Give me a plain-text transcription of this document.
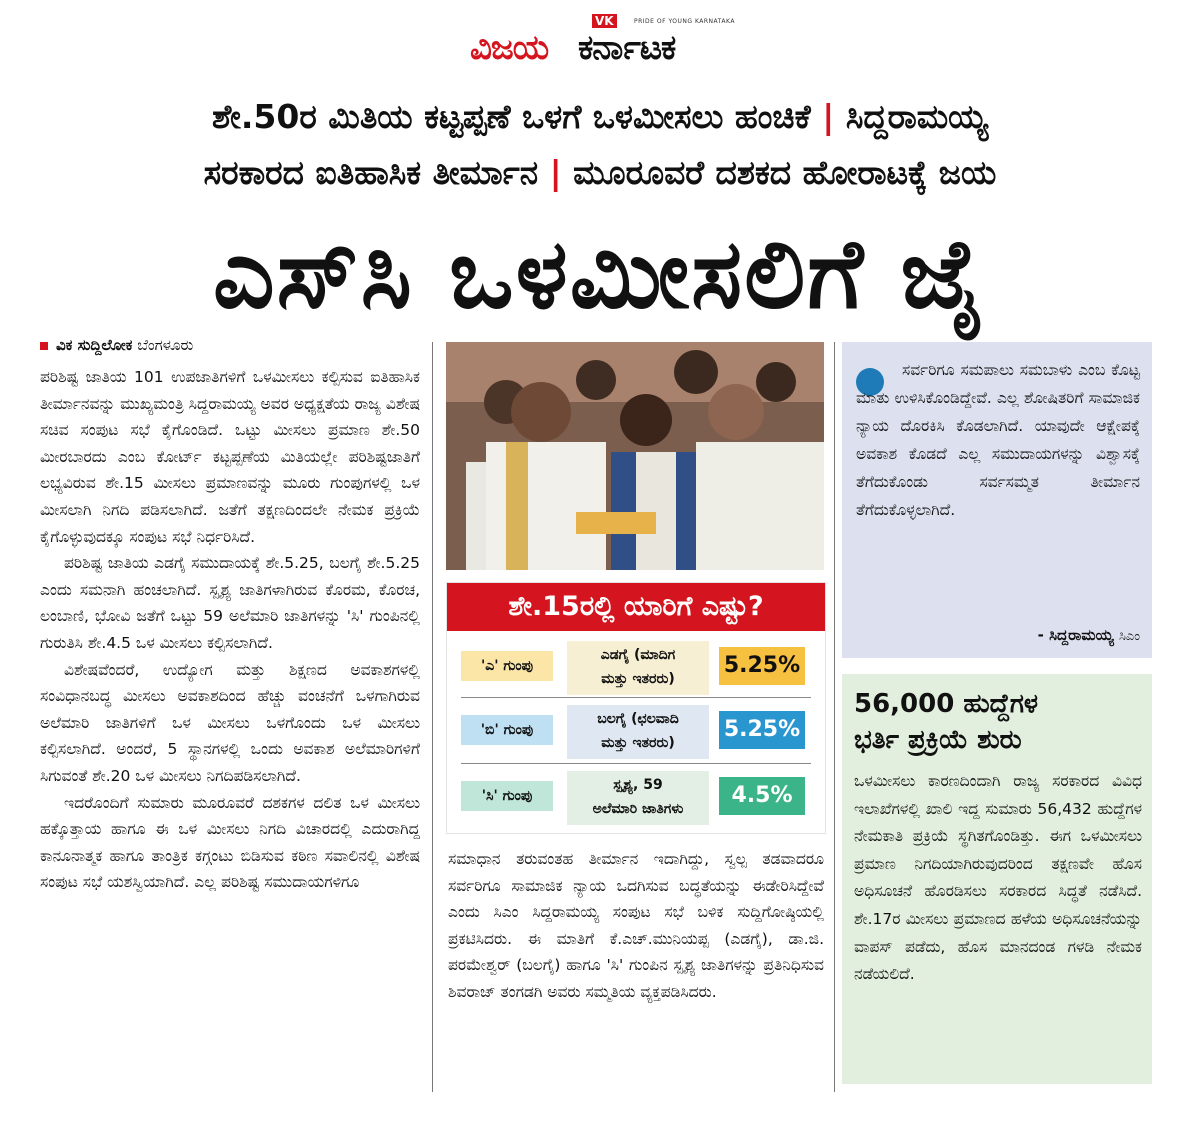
ವಿಜಯ
VK	PRIDE OF YOUNG KARNATAKA
ಕರ್ನಾಟಕ
ಶೇ.50ರ ಮಿತಿಯ ಕಟ್ಟಪ್ಪಣೆ ಒಳಗೆ ಒಳಮೀಸಲು ಹಂಚಿಕೆ | ಸಿದ್ದರಾಮಯ್ಯ
ಸರಕಾರದ ಐತಿಹಾಸಿಕ ತೀರ್ಮಾನ | ಮೂರೂವರೆ ದಶಕದ ಹೋರಾಟಕ್ಕೆ ಜಯ
ಎಸ್‌ಸಿ ಒಳಮೀಸಲಿಗೆ ಜೈ
ವಿಕ ಸುದ್ದಿಲೋಕ ಬೆಂಗಳೂರು

ಪರಿಶಿಷ್ಟ ಜಾತಿಯ 101 ಉಪಜಾತಿಗಳಿಗೆ ಒಳಮೀಸಲು ಕಲ್ಪಿಸುವ ಐತಿಹಾಸಿಕ ತೀರ್ಮಾನವನ್ನು ಮುಖ್ಯಮಂತ್ರಿ ಸಿದ್ದರಾಮಯ್ಯ ಅವರ ಅಧ್ಯಕ್ಷತೆಯ ರಾಜ್ಯ ವಿಶೇಷ ಸಚಿವ ಸಂಪುಟ ಸಭೆ ಕೈಗೊಂಡಿದೆ. ಒಟ್ಟು ಮೀಸಲು ಪ್ರಮಾಣ ಶೇ.50 ಮೀರಬಾರದು ಎಂಬ ಕೋರ್ಟ್ ಕಟ್ಟಪ್ಪಣೆಯ ಮಿತಿಯಲ್ಲೇ ಪರಿಶಿಷ್ಟಜಾತಿಗೆ ಲಭ್ಯವಿರುವ ಶೇ.15 ಮೀಸಲು ಪ್ರಮಾಣವನ್ನು ಮೂರು ಗುಂಪುಗಳಲ್ಲಿ ಒಳ ಮೀಸಲಾಗಿ ನಿಗದಿ ಪಡಿಸಲಾಗಿದೆ. ಜತೆಗೆ ತಕ್ಷಣದಿಂದಲೇ ನೇಮಕ ಪ್ರಕ್ರಿಯೆ ಕೈಗೊಳ್ಳುವುದಕ್ಕೂ ಸಂಪುಟ ಸಭೆ ನಿರ್ಧರಿಸಿದೆ.

ಪರಿಶಿಷ್ಟ ಜಾತಿಯ ಎಡಗೈ ಸಮುದಾಯಕ್ಕೆ ಶೇ.5.25, ಬಲಗೈ ಶೇ.5.25 ಎಂದು ಸಮನಾಗಿ ಹಂಚಲಾಗಿದೆ. ಸ್ಪೃಶ್ಯ ಜಾತಿಗಳಾಗಿರುವ ಕೊರಮ, ಕೊರಚ, ಲಂಬಾಣಿ, ಭೋವಿ ಜತೆಗೆ ಒಟ್ಟು 59 ಅಲೆಮಾರಿ ಜಾತಿಗಳನ್ನು 'ಸಿ' ಗುಂಪಿನಲ್ಲಿ ಗುರುತಿಸಿ ಶೇ.4.5 ಒಳ ಮೀಸಲು ಕಲ್ಪಿಸಲಾಗಿದೆ.

ವಿಶೇಷವೆಂದರೆ, ಉದ್ಯೋಗ ಮತ್ತು ಶಿಕ್ಷಣದ ಅವಕಾಶಗಳಲ್ಲಿ ಸಂವಿಧಾನಬದ್ಧ ಮೀಸಲು ಅವಕಾಶದಿಂದ ಹೆಚ್ಚು ವಂಚನೆಗೆ ಒಳಗಾಗಿರುವ ಅಲೆಮಾರಿ ಜಾತಿಗಳಿಗೆ ಒಳ ಮೀಸಲು ಒಳಗೊಂದು ಒಳ ಮೀಸಲು ಕಲ್ಪಿಸಲಾಗಿದೆ. ಅಂದರೆ, 5 ಸ್ಥಾನಗಳಲ್ಲಿ ಒಂದು ಅವಕಾಶ ಅಲೆಮಾರಿಗಳಿಗೆ ಸಿಗುವಂತೆ ಶೇ.20 ಒಳ ಮೀಸಲು ನಿಗದಿಪಡಿಸಲಾಗಿದೆ.

ಇದರೊಂದಿಗೆ ಸುಮಾರು ಮೂರೂವರೆ ದಶಕಗಳ ದಲಿತ ಒಳ ಮೀಸಲು ಹಕ್ಕೊತ್ತಾಯ ಹಾಗೂ ಈ ಒಳ ಮೀಸಲು ನಿಗದಿ ವಿಚಾರದಲ್ಲಿ ಎದುರಾಗಿದ್ದ ಕಾನೂನಾತ್ಮಕ ಹಾಗೂ ತಾಂತ್ರಿಕ ಕಗ್ಗಂಟು ಬಿಡಿಸುವ ಕಠಿಣ ಸವಾಲಿನಲ್ಲಿ ವಿಶೇಷ ಸಂಪುಟ ಸಭೆ ಯಶಸ್ವಿಯಾಗಿದೆ. ಎಲ್ಲ ಪರಿಶಿಷ್ಟ ಸಮುದಾಯಗಳಿಗೂ

ಶೇ.15ರಲ್ಲಿ ಯಾರಿಗೆ ಎಷ್ಟು?
'ಎ' ಗುಂಪು
ಎಡಗೈ (ಮಾದಿಗ
ಮತ್ತು ಇತರರು)
5.25%
'ಬಿ' ಗುಂಪು
ಬಲಗೈ (ಛಲವಾದಿ
ಮತ್ತು ಇತರರು)
5.25%
'ಸಿ' ಗುಂಪು
ಸ್ಪೃಶ್ಯ, 59
ಅಲೆಮಾರಿ ಜಾತಿಗಳು
4.5%

ಸಮಾಧಾನ ತರುವಂತಹ ತೀರ್ಮಾನ ಇದಾಗಿದ್ದು, ಸ್ವಲ್ಪ ತಡವಾದರೂ ಸರ್ವರಿಗೂ ಸಾಮಾಜಿಕ ನ್ಯಾಯ ಒದಗಿಸುವ ಬದ್ಧತೆಯನ್ನು ಈಡೇರಿಸಿದ್ದೇವೆ ಎಂದು ಸಿಎಂ ಸಿದ್ದರಾಮಯ್ಯ ಸಂಪುಟ ಸಭೆ ಬಳಿಕ ಸುದ್ದಿಗೋಷ್ಠಿಯಲ್ಲಿ ಪ್ರಕಟಿಸಿದರು. ಈ ಮಾತಿಗೆ ಕೆ.ಎಚ್.ಮುನಿಯಪ್ಪ (ಎಡಗೈ), ಡಾ.ಜಿ. ಪರಮೇಶ್ವರ್ (ಬಲಗೈ) ಹಾಗೂ 'ಸಿ' ಗುಂಪಿನ ಸ್ಪೃಶ್ಯ ಜಾತಿಗಳನ್ನು ಪ್ರತಿನಿಧಿಸುವ ಶಿವರಾಜ್ ತಂಗಡಗಿ ಅವರು ಸಮ್ಮತಿಯ ವ್ಯಕ್ತಪಡಿಸಿದರು.

ಸರ್ವರಿಗೂ ಸಮಪಾಲು ಸಮಬಾಳು ಎಂಬ ಕೊಟ್ಟ ಮಾತು ಉಳಿಸಿಕೊಂಡಿದ್ದೇವೆ. ಎಲ್ಲ ಶೋಷಿತರಿಗೆ ಸಾಮಾಜಿಕ ನ್ಯಾಯ ದೊರಕಿಸಿ ಕೊಡಲಾಗಿದೆ. ಯಾವುದೇ ಆಕ್ಷೇಪಕ್ಕೆ ಅವಕಾಶ ಕೊಡದೆ ಎಲ್ಲ ಸಮುದಾಯಗಳನ್ನು ವಿಶ್ವಾಸಕ್ಕೆ ತೆಗೆದುಕೊಂಡು ಸರ್ವಸಮ್ಮತ ತೀರ್ಮಾನ ತೆಗೆದುಕೊಳ್ಳಲಾಗಿದೆ.
- ಸಿದ್ದರಾಮಯ್ಯ ಸಿಎಂ
56,000 ಹುದ್ದೆಗಳ
ಭರ್ತಿ ಪ್ರಕ್ರಿಯೆ ಶುರು
ಒಳಮೀಸಲು ಕಾರಣದಿಂದಾಗಿ ರಾಜ್ಯ ಸರಕಾರದ ವಿವಿಧ ಇಲಾಖೆಗಳಲ್ಲಿ ಖಾಲಿ ಇದ್ದ ಸುಮಾರು 56,432 ಹುದ್ದೆಗಳ ನೇಮಕಾತಿ ಪ್ರಕ್ರಿಯೆ ಸ್ಥಗಿತಗೊಂಡಿತ್ತು. ಈಗ ಒಳಮೀಸಲು ಪ್ರಮಾಣ ನಿಗದಿಯಾಗಿರುವುದರಿಂದ ತಕ್ಷಣವೇ ಹೊಸ ಅಧಿಸೂಚನೆ ಹೊರಡಿಸಲು ಸರಕಾರದ ಸಿದ್ಧತೆ ನಡೆಸಿದೆ. ಶೇ.17ರ ಮೀಸಲು ಪ್ರಮಾಣದ ಹಳೆಯ ಅಧಿಸೂಚನೆಯನ್ನು ವಾಪಸ್ ಪಡೆದು, ಹೊಸ ಮಾನದಂಡ ಗಳಡಿ ನೇಮಕ ನಡೆಯಲಿದೆ.
